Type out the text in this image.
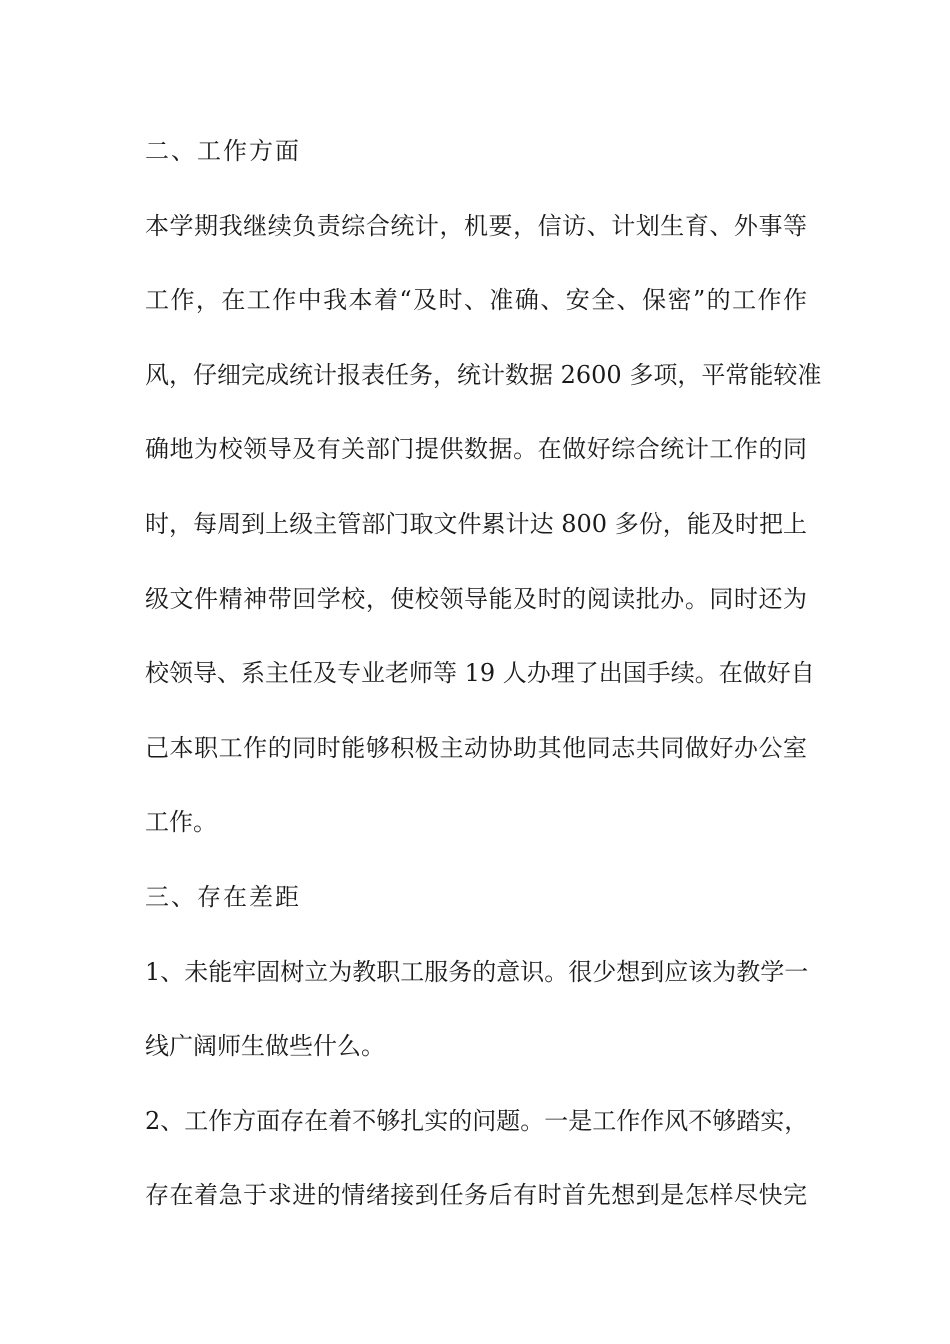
二、工作方面
本学期我继续负责综合统计，机要，信访、计划生育、外事等
工作，在工作中我本着“及时、准确、安全、保密”的工作作
风，仔细完成统计报表任务，统计数据 2600 多项，平常能较准
确地为校领导及有关部门提供数据。在做好综合统计工作的同
时，每周到上级主管部门取文件累计达 800 多份，能及时把上
级文件精神带回学校，使校领导能及时的阅读批办。同时还为
校领导、系主任及专业老师等 19 人办理了出国手续。在做好自
己本职工作的同时能够积极主动协助其他同志共同做好办公室
工作。
三、存在差距
1、未能牢固树立为教职工服务的意识。很少想到应该为教学一
线广阔师生做些什么。
2、工作方面存在着不够扎实的问题。一是工作作风不够踏实，
存在着急于求进的情绪接到任务后有时首先想到是怎样尽快完
